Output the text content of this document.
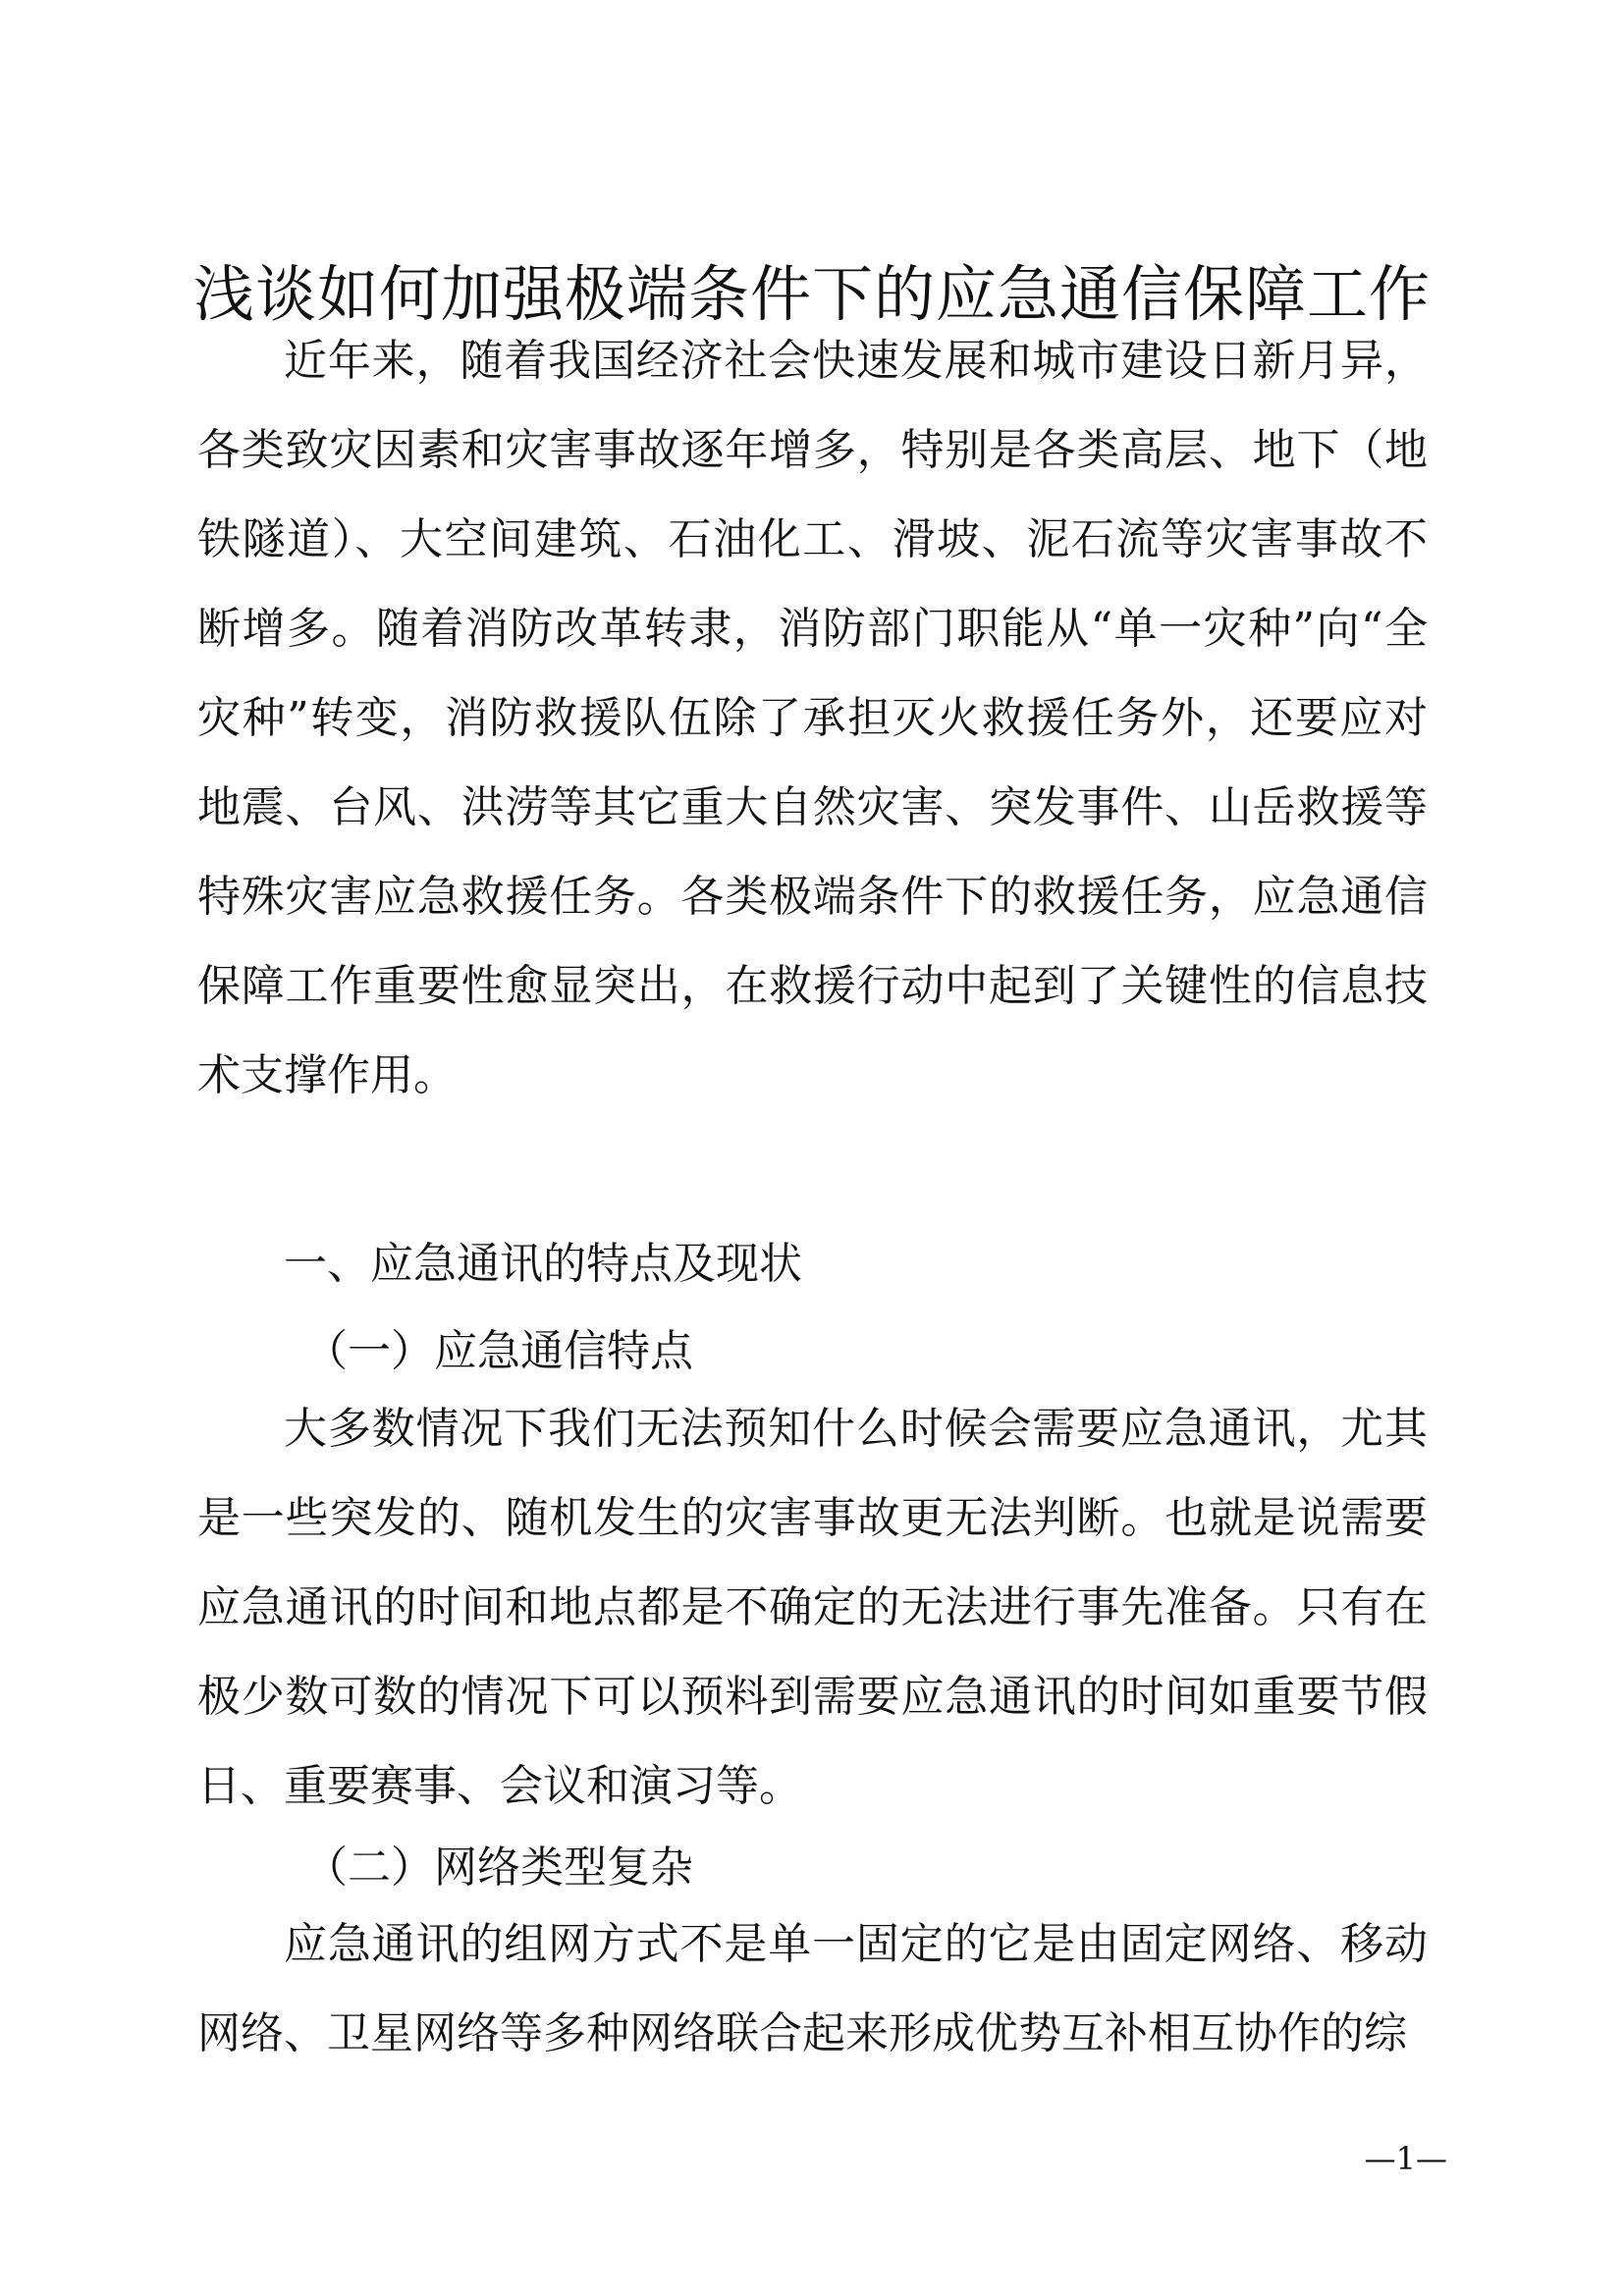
浅谈如何加强极端条件下的应急通信保障工作

近年来，随着我国经济社会快速发展和城市建设日新月异，各类致灾因素和灾害事故逐年增多，特别是各类高层、地下（地铁隧道）、大空间建筑、石油化工、滑坡、泥石流等灾害事故不断增多。随着消防改革转隶，消防部门职能从“单一灾种”向“全灾种”转变，消防救援队伍除了承担灭火救援任务外，还要应对地震、台风、洪涝等其它重大自然灾害、突发事件、山岳救援等特殊灾害应急救援任务。各类极端条件下的救援任务，应急通信保障工作重要性愈显突出，在救援行动中起到了关键性的信息技术支撑作用。

一、应急通讯的特点及现状
（一）应急通信特点

大多数情况下我们无法预知什么时候会需要应急通讯，尤其是一些突发的、随机发生的灾害事故更无法判断。也就是说需要应急通讯的时间和地点都是不确定的无法进行事先准备。只有在极少数可数的情况下可以预料到需要应急通讯的时间如重要节假日、重要赛事、会议和演习等。

（二）网络类型复杂

应急通讯的组网方式不是单一固定的它是由固定网络、移动网络、卫星网络等多种网络联合起来形成优势互补相互协作的综

—1—
